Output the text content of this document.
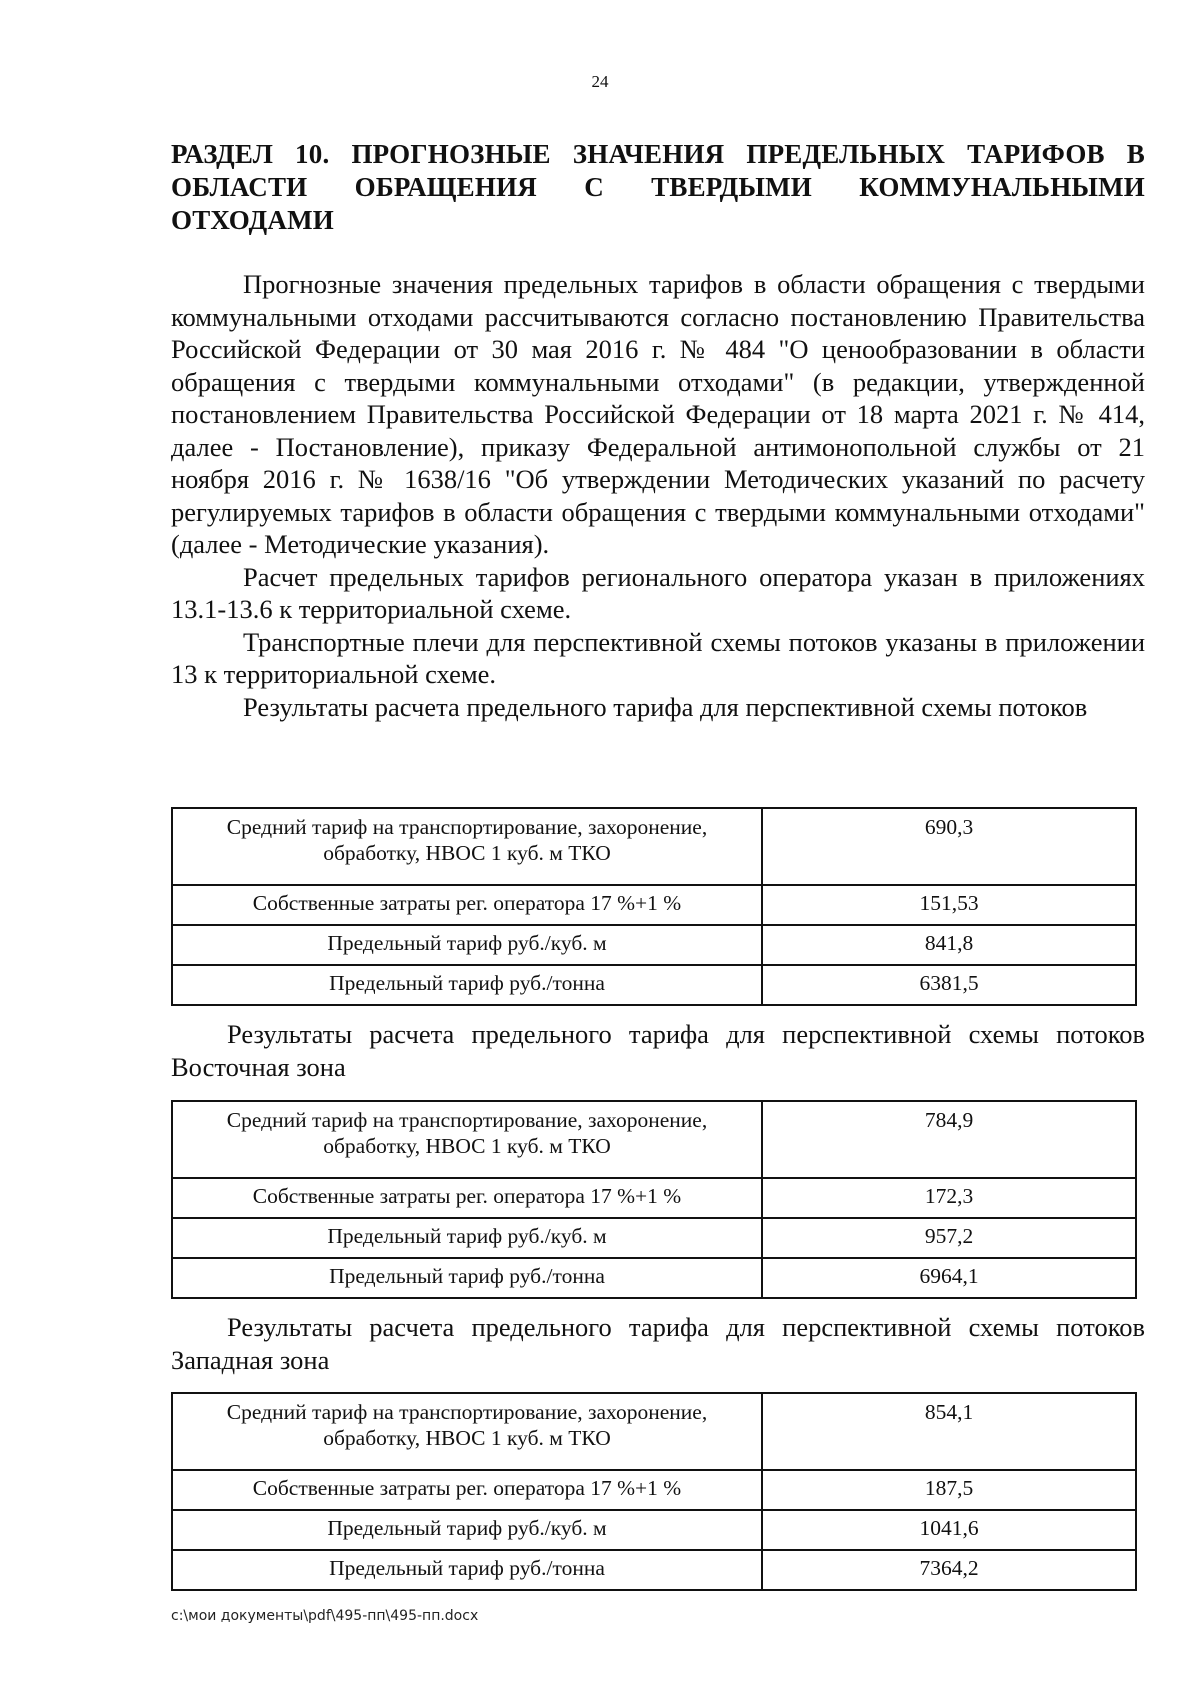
24
РАЗДЕЛ 10. ПРОГНОЗНЫЕ ЗНАЧЕНИЯ ПРЕДЕЛЬНЫХ ТАРИФОВ В ОБЛАСТИ ОБРАЩЕНИЯ С ТВЕРДЫМИ КОММУНАЛЬНЫМИ ОТХОДАМИ

Прогнозные значения предельных тарифов в области обращения с твердыми коммунальными отходами рассчитываются согласно постановлению Правительства Российской Федерации от 30 мая 2016 г. № 484 "О ценообразовании в области обращения с твердыми коммунальными отходами" (в редакции, утвержденной постановлением Правительства Российской Федерации от 18 марта 2021 г. № 414, далее - Постановление), приказу Федеральной антимонопольной службы от 21 ноября 2016 г. № 1638/16 "Об утверждении Методических указаний по расчету регулируемых тарифов в области обращения с твердыми коммунальными отходами" (далее - Методические указания).

Расчет предельных тарифов регионального оператора указан в приложениях 13.1-13.6 к территориальной схеме.

Транспортные плечи для перспективной схемы потоков указаны в приложении 13 к территориальной схеме.

Результаты расчета предельного тарифа для перспективной схемы потоков

Средний тариф на транспортирование, захоронение, обработку, НВОС 1 куб. м ТКО	690,3
Собственные затраты рег. оператора 17 %+1 %	151,53
Предельный тариф руб./куб. м	841,8
Предельный тариф руб./тонна	6381,5
Результаты расчета предельного тарифа для перспективной схемы потоков Восточная зона
Средний тариф на транспортирование, захоронение, обработку, НВОС 1 куб. м ТКО	784,9
Собственные затраты рег. оператора 17 %+1 %	172,3
Предельный тариф руб./куб. м	957,2
Предельный тариф руб./тонна	6964,1
Результаты расчета предельного тарифа для перспективной схемы потоков Западная зона
Средний тариф на транспортирование, захоронение, обработку, НВОС 1 куб. м ТКО	854,1
Собственные затраты рег. оператора 17 %+1 %	187,5
Предельный тариф руб./куб. м	1041,6
Предельный тариф руб./тонна	7364,2
c:\мои документы\pdf\495-пп\495-пп.docx
